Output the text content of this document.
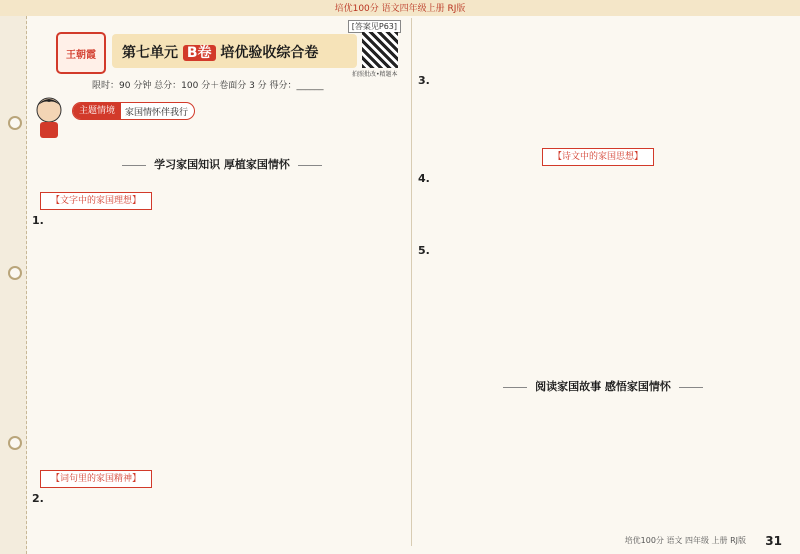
培优100分 语文四年级上册 RJ版
[答案见P63]
王朝霞	第七单元 B卷 培优验收综合卷
拍照批改•精题本
限时：90 分钟 总分：100 分＋卷面分 3 分 得分：______
主题情境	家国情怀伴我行
学习家国知识 厚植家国情怀
1.
【文字中的家国理想】
【词句里的家国精神】
2.
3.
【诗文中的家国思想】
4.
5.
阅读家国故事 感悟家国情怀
培优100分 语文 四年级 上册 RJ版 31
